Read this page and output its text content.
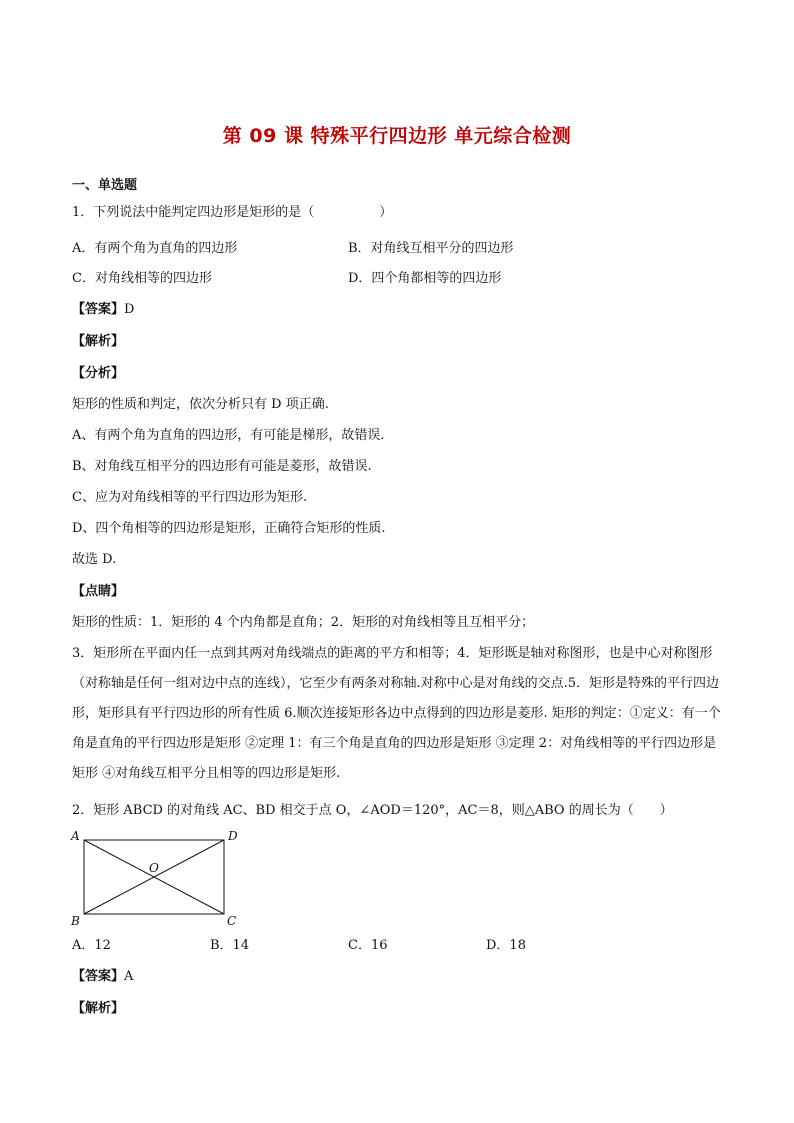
第 09 课 特殊平行四边形 单元综合检测
一、单选题
1．下列说法中能判定四边形是矩形的是（　　　　　）
A．有两个角为直角的四边形	B．对角线互相平分的四边形
C．对角线相等的四边形	D．四个角都相等的四边形
【答案】D
【解析】
【分析】
矩形的性质和判定，依次分析只有 D 项正确.
A、有两个角为直角的四边形，有可能是梯形，故错误.
B、对角线互相平分的四边形有可能是菱形，故错误.
C、应为对角线相等的平行四边形为矩形.
D、四个角相等的四边形是矩形，正确符合矩形的性质.
故选 D.
【点睛】
矩形的性质：1．矩形的 4 个内角都是直角；2．矩形的对角线相等且互相平分；
3．矩形所在平面内任一点到其两对角线端点的距离的平方和相等；4．矩形既是轴对称图形，也是中心对称图形（对称轴是任何一组对边中点的连线），它至少有两条对称轴.对称中心是对角线的交点.5．矩形是特殊的平行四边形，矩形具有平行四边形的所有性质 6.顺次连接矩形各边中点得到的四边形是菱形. 矩形的判定：①定义：有一个角是直角的平行四边形是矩形 ②定理 1：有三个角是直角的四边形是矩形 ③定理 2：对角线相等的平行四边形是矩形 ④对角线互相平分且相等的四边形是矩形.
2．矩形 ABCD 的对角线 AC、BD 相交于点 O，∠AOD＝120°，AC＝8，则△ABO 的周长为（　　）
A	D
B	C
O
A．12	B．14	C．16	D．18
【答案】A
【解析】
